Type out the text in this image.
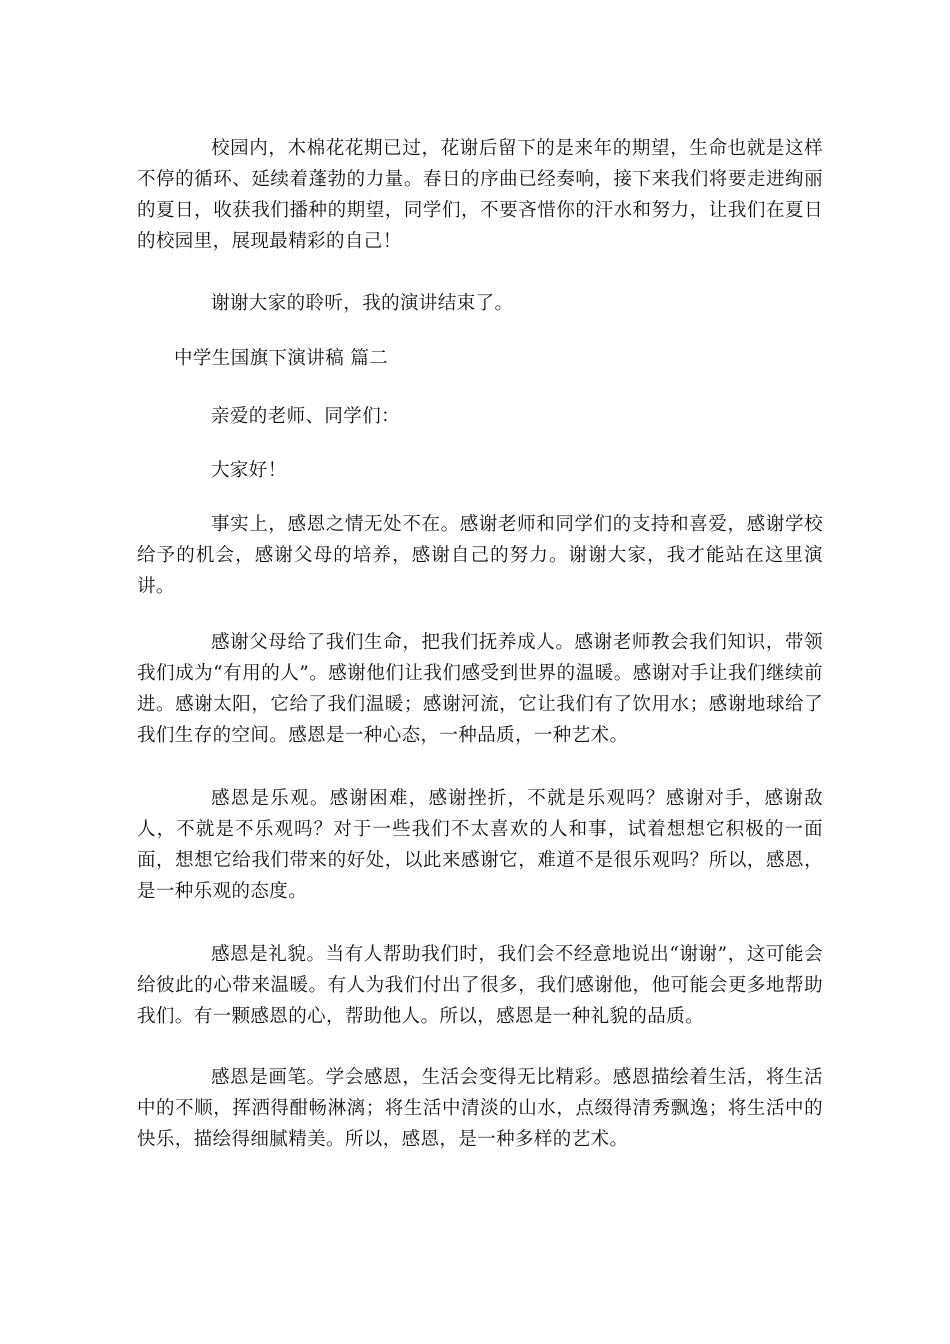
校园内，木棉花花期已过，花谢后留下的是来年的期望，生命也就是这样不停的循环、延续着蓬勃的力量。春日的序曲已经奏响，接下来我们将要走进绚丽的夏日，收获我们播种的期望，同学们，不要吝惜你的汗水和努力，让我们在夏日的校园里，展现最精彩的自己！

谢谢大家的聆听，我的演讲结束了。

中学生国旗下演讲稿 篇二

亲爱的老师、同学们：

大家好！

事实上，感恩之情无处不在。感谢老师和同学们的支持和喜爱，感谢学校给予的机会，感谢父母的培养，感谢自己的努力。谢谢大家，我才能站在这里演讲。

感谢父母给了我们生命，把我们抚养成人。感谢老师教会我们知识，带领我们成为“有用的人”。感谢他们让我们感受到世界的温暖。感谢对手让我们继续前进。感谢太阳，它给了我们温暖；感谢河流，它让我们有了饮用水；感谢地球给了我们生存的空间。感恩是一种心态，一种品质，一种艺术。

感恩是乐观。感谢困难，感谢挫折，不就是乐观吗？感谢对手，感谢敌人，不就是不乐观吗？对于一些我们不太喜欢的人和事，试着想想它积极的一面面，想想它给我们带来的好处，以此来感谢它，难道不是很乐观吗？所以，感恩，是一种乐观的态度。

感恩是礼貌。当有人帮助我们时，我们会不经意地说出“谢谢”，这可能会给彼此的心带来温暖。有人为我们付出了很多，我们感谢他，他可能会更多地帮助我们。有一颗感恩的心，帮助他人。所以，感恩是一种礼貌的品质。

感恩是画笔。学会感恩，生活会变得无比精彩。感恩描绘着生活，将生活中的不顺，挥洒得酣畅淋漓；将生活中清淡的山水，点缀得清秀飘逸；将生活中的快乐，描绘得细腻精美。所以，感恩，是一种多样的艺术。
